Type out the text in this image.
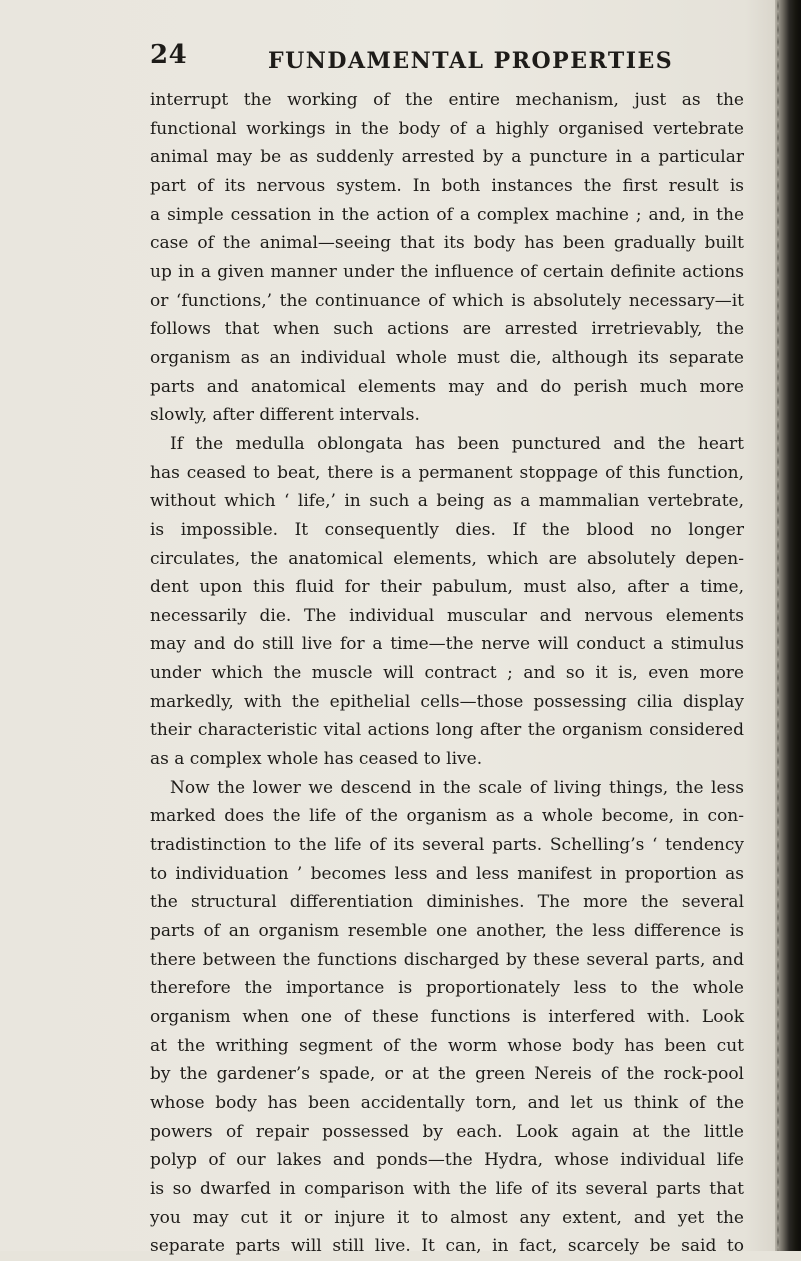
24	FUNDAMENTAL PROPERTIES
interrupt the working of the entire mechanism, just as the
functional workings in the body of a highly organised vertebrate
animal may be as suddenly arrested by a puncture in a particular
part of its nervous system. In both instances the first result is
a simple cessation in the action of a complex machine ; and, in the
case of the animal—seeing that its body has been gradually built
up in a given manner under the influence of certain definite actions
or ‘functions,’ the continuance of which is absolutely necessary—it
follows that when such actions are arrested irretrievably, the
organism as an individual whole must die, although its separate
parts and anatomical elements may and do perish much more
slowly, after different intervals.
If the medulla oblongata has been punctured and the heart
has ceased to beat, there is a permanent stoppage of this function,
without which ‘ life,’ in such a being as a mammalian vertebrate,
is impossible. It consequently dies. If the blood no longer
circulates, the anatomical elements, which are absolutely depen-
dent upon this fluid for their pabulum, must also, after a time,
necessarily die. The individual muscular and nervous elements
may and do still live for a time—the nerve will conduct a stimulus
under which the muscle will contract ; and so it is, even more
markedly, with the epithelial cells—those possessing cilia display
their characteristic vital actions long after the organism considered
as a complex whole has ceased to live.
Now the lower we descend in the scale of living things, the less
marked does the life of the organism as a whole become, in con-
tradistinction to the life of its several parts. Schelling’s ‘ tendency
to individuation ’ becomes less and less manifest in proportion as
the structural differentiation diminishes. The more the several
parts of an organism resemble one another, the less difference is
there between the functions discharged by these several parts, and
therefore the importance is proportionately less to the whole
organism when one of these functions is interfered with. Look
at the writhing segment of the worm whose body has been cut
by the gardener’s spade, or at the green Nereis of the rock-pool
whose body has been accidentally torn, and let us think of the
powers of repair possessed by each. Look again at the little
polyp of our lakes and ponds—the Hydra, whose individual life
is so dwarfed in comparison with the life of its several parts that
you may cut it or injure it to almost any extent, and yet the
separate parts will still live. It can, in fact, scarcely be said to
